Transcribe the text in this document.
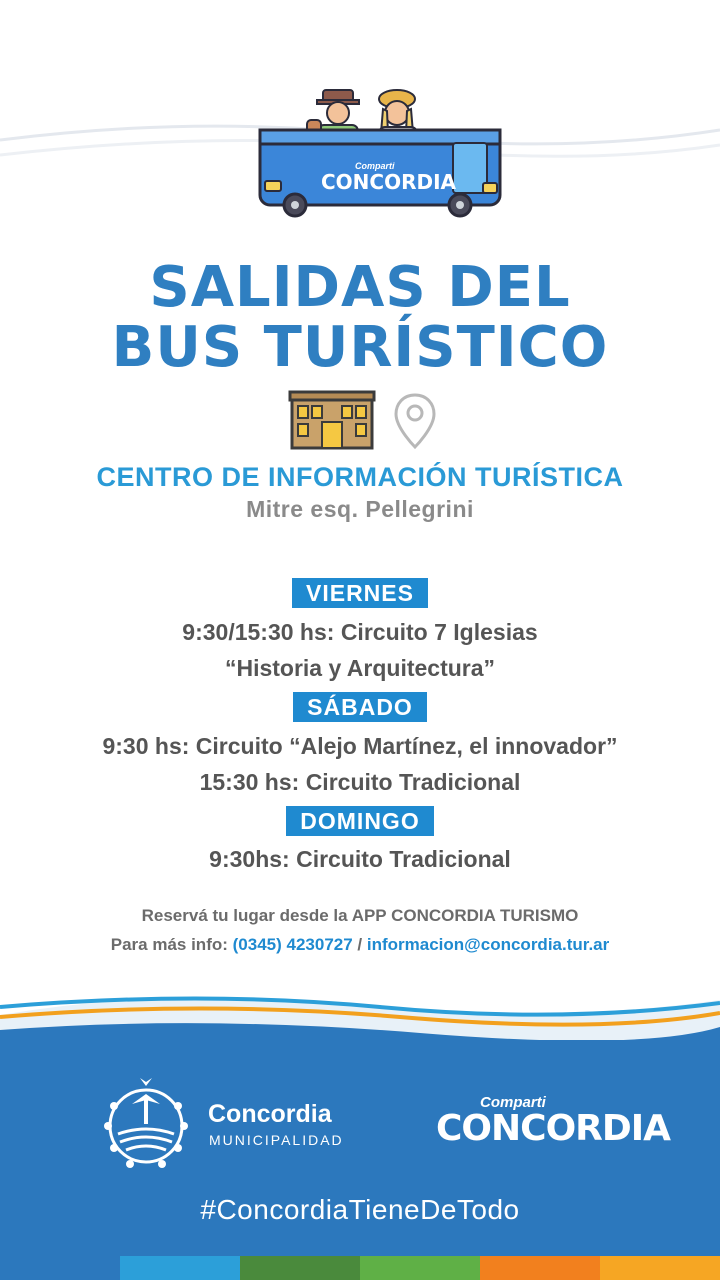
Comparti
CONCORDIA
SALIDAS DEL
BUS TURÍSTICO
CENTRO DE INFORMACIÓN TURÍSTICA
Mitre esq. Pellegrini
VIERNES
9:30/15:30 hs: Circuito 7 Iglesias
“Historia y Arquitectura”
SÁBADO
9:30 hs: Circuito “Alejo Martínez, el innovador”
15:30 hs: Circuito Tradicional
DOMINGO
9:30hs: Circuito Tradicional
Reservá tu lugar desde la APP CONCORDIA TURISMO
Para más info: (0345) 4230727 / informacion@concordia.tur.ar
Concordia
MUNICIPALIDAD
Comparti
CONCORDIA
#ConcordiaTieneDeTodo
